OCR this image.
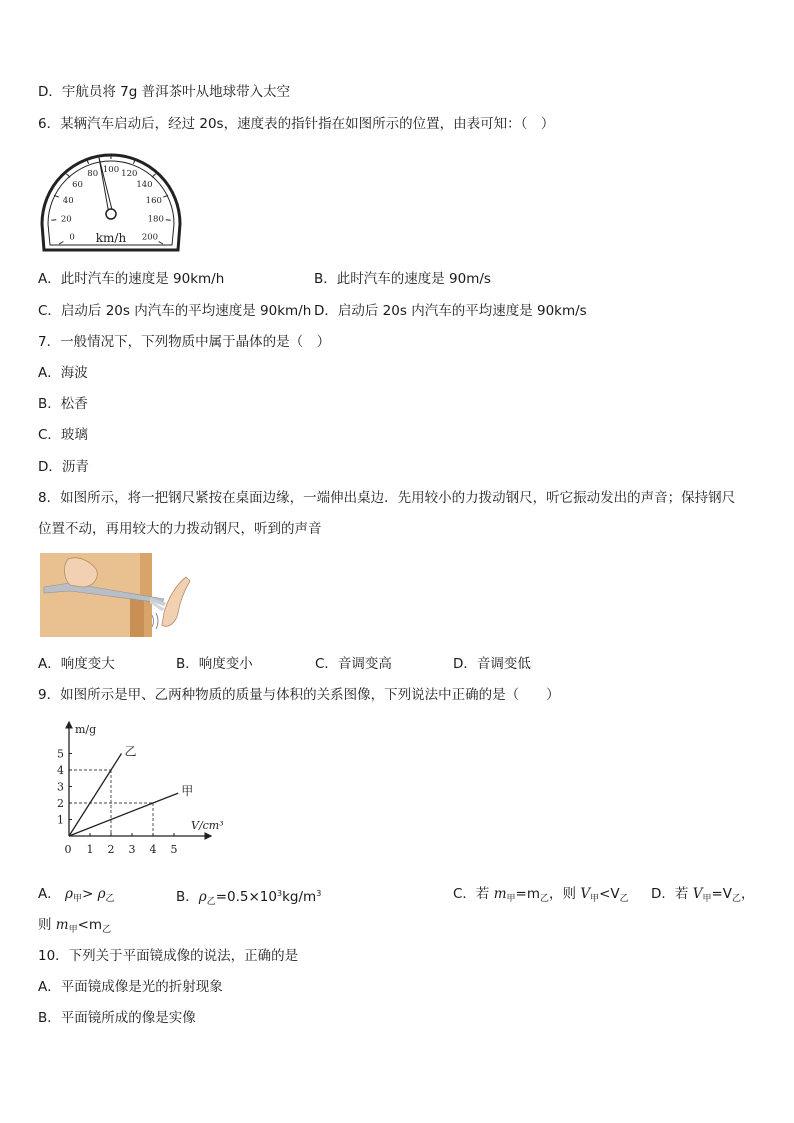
D．宇航员将 7g 普洱茶叶从地球带入太空
6．某辆汽车启动后，经过 20s，速度表的指针指在如图所示的位置，由表可知：（　）
0
20
40
60
80 100 120
140
160
180
200
km/h
A．此时汽车的速度是 90km/h	B．此时汽车的速度是 90m/s
C．启动后 20s 内汽车的平均速度是 90km/h D．启动后 20s 内汽车的平均速度是 90km/s
7．一般情况下，下列物质中属于晶体的是（　）
A．海波
B．松香
C．玻璃
D．沥青
8．如图所示，将一把钢尺紧按在桌面边缘，一端伸出桌边．先用较小的力拨动钢尺，听它振动发出的声音；保持钢尺
位置不动，再用较大的力拨动钢尺，听到的声音
A．响度变大	B．响度变小	C．音调变高	D．音调变低
9．如图所示是甲、乙两种物质的质量与体积的关系图像，下列说法中正确的是（　　）
m/g
V/cm³
乙
甲
0 1 2 3 4 5
1
2
3
4
5
A． $\rho_甲> \rho_乙$	B．$\rho_乙=0.5\times 10^3kg/m^3$	C．若 $m_甲=m_乙$，则 $V_甲<V_乙$ D．若 $V_甲=V_乙$，
则 $m_甲<m_乙$
10．下列关于平面镜成像的说法，正确的是
A．平面镜成像是光的折射现象
B．平面镜所成的像是实像
